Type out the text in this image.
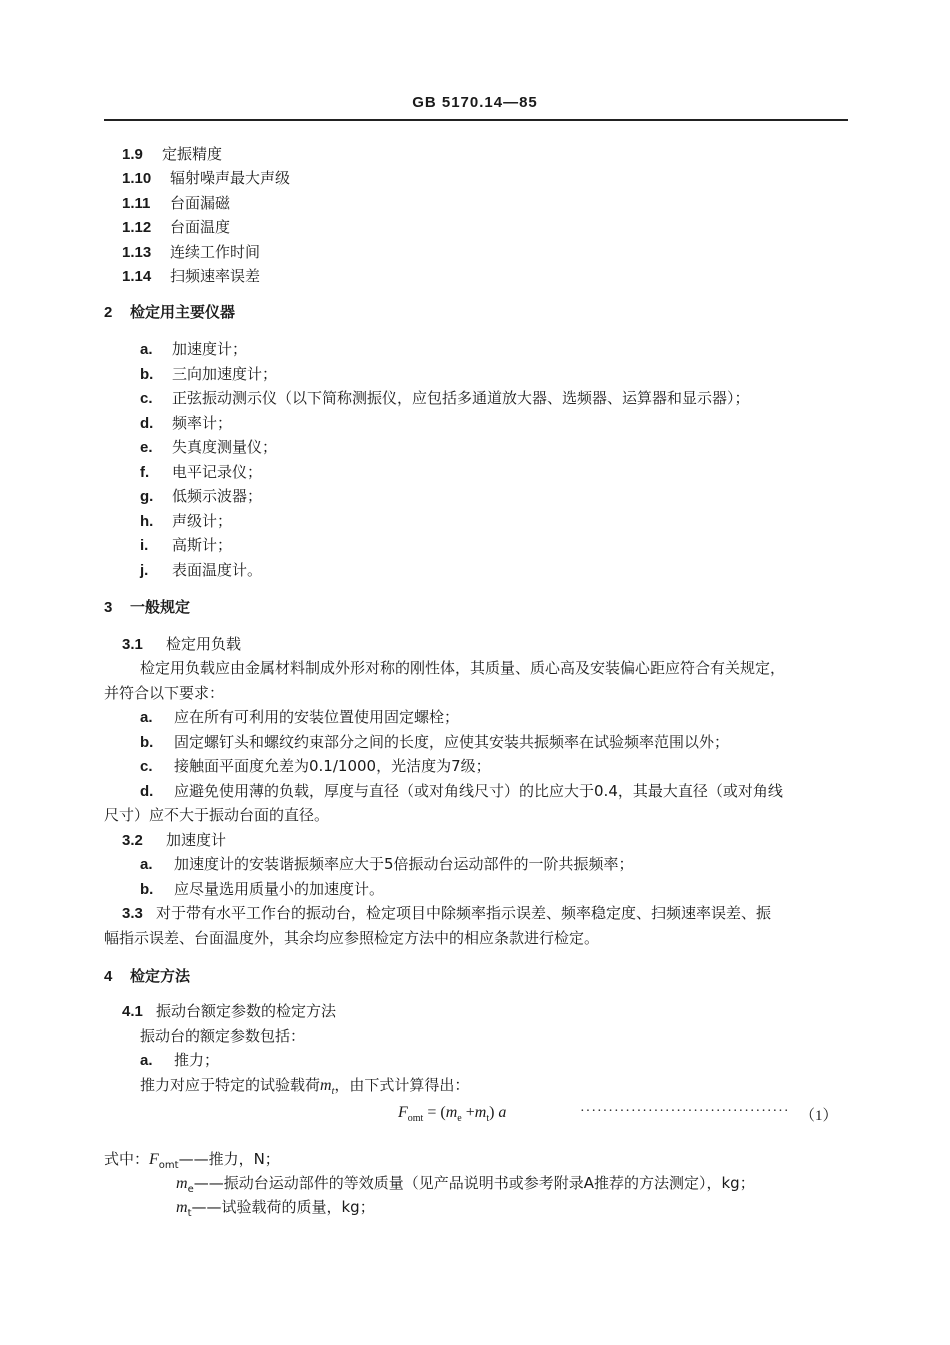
GB 5170.14—85
1.9 定振精度
1.10 辐射噪声最大声级
1.11 台面漏磁
1.12 台面温度
1.13 连续工作时间
1.14 扫频速率误差
2 检定用主要仪器
a. 加速度计；
b. 三向加速度计；
c. 正弦振动测示仪（以下简称测振仪，应包括多通道放大器、选频器、运算器和显示器）；
d. 频率计；
e. 失真度测量仪；
f. 电平记录仪；
g. 低频示波器；
h. 声级计；
i. 高斯计；
j. 表面温度计。
3 一般规定
3.1 检定用负载
检定用负载应由金属材料制成外形对称的刚性体，其质量、质心高及安装偏心距应符合有关规定，
并符合以下要求：
a. 应在所有可利用的安装位置使用固定螺栓；
b. 固定螺钉头和螺纹约束部分之间的长度，应使其安装共振频率在试验频率范围以外；
c. 接触面平面度允差为0.1/1000，光洁度为7级；
d. 应避免使用薄的负载，厚度与直径（或对角线尺寸）的比应大于0.4，其最大直径（或对角线
尺寸）应不大于振动台面的直径。
3.2 加速度计
a. 加速度计的安装谐振频率应大于5倍振动台运动部件的一阶共振频率；
b. 应尽量选用质量小的加速度计。
3.3 对于带有水平工作台的振动台，检定项目中除频率指示误差、频率稳定度、扫频速率误差、振
幅指示误差、台面温度外，其余均应参照检定方法中的相应条款进行检定。
4 检定方法
4.1 振动台额定参数的检定方法
振动台的额定参数包括：
a. 推力；
推力对应于特定的试验载荷$m_t$，由下式计算得出：
$F_{omt} = (m_e +m_t)$ a	····································· （1）
式中：$F_{omt}——$推力，N；
$m_e——$振动台运动部件的等效质量（见产品说明书或参考附录A推荐的方法测定），kg；
$m_t——$试验载荷的质量，kg；
